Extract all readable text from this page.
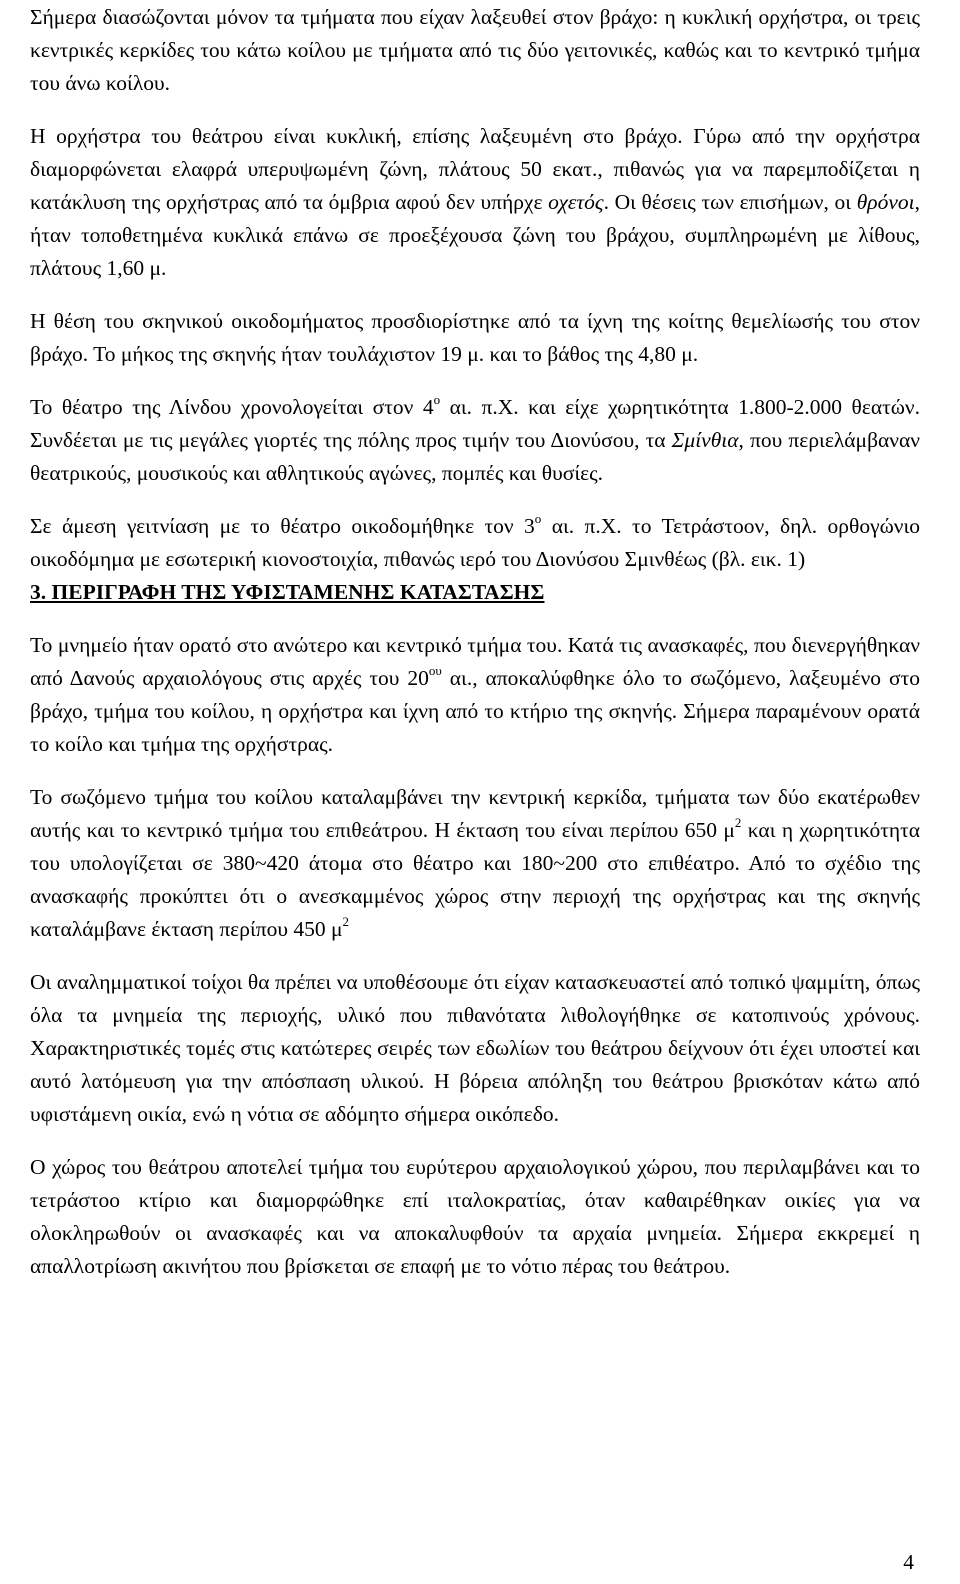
Σήμερα διασώζονται μόνον τα τμήματα που είχαν λαξευθεί στον βράχο: η κυκλική ορχήστρα, οι τρεις κεντρικές κερκίδες του κάτω κοίλου με τμήματα από τις δύο γειτονικές, καθώς και το κεντρικό τμήμα του άνω κοίλου.

Η ορχήστρα του θεάτρου είναι κυκλική, επίσης λαξευμένη στο βράχο. Γύρω από την ορχήστρα διαμορφώνεται ελαφρά υπερυψωμένη ζώνη, πλάτους 50 εκατ., πιθανώς για να παρεμποδίζεται η κατάκλυση της ορχήστρας από τα όμβρια αφού δεν υπήρχε οχετός. Οι θέσεις των επισήμων, οι θρόνοι, ήταν τοποθετημένα κυκλικά επάνω σε προεξέχουσα ζώνη του βράχου, συμπληρωμένη με λίθους, πλάτους 1,60 μ.

Η θέση του σκηνικού οικοδομήματος προσδιορίστηκε από τα ίχνη της κοίτης θεμελίωσής του στον βράχο. Το μήκος της σκηνής ήταν τουλάχιστον 19 μ. και το βάθος της 4,80 μ.

Το θέατρο της Λίνδου χρονολογείται στον $4^o$ αι. π.Χ. και είχε χωρητικότητα 1.800-2.000 θεατών. Συνδέεται με τις μεγάλες γιορτές της πόλης προς τιμήν του Διονύσου, τα Σμίνθια, που περιελάμβαναν θεατρικούς, μουσικούς και αθλητικούς αγώνες, πομπές και θυσίες.

Σε άμεση γειτνίαση με το θέατρο οικοδομήθηκε τον $3^o$ αι. π.Χ. το Τετράστοον, δηλ. ορθογώνιο οικοδόμημα με εσωτερική κιονοστοιχία, πιθανώς ιερό του Διονύσου Σμινθέως (βλ. εικ. 1)

3. ΠΕΡΙΓΡΑΦΗ ΤΗΣ ΥΦΙΣΤΑΜΕΝΗΣ ΚΑΤΑΣΤΑΣΗΣ

Το μνημείο ήταν ορατό στο ανώτερο και κεντρικό τμήμα του. Κατά τις ανασκαφές, που διενεργήθηκαν από Δανούς αρχαιολόγους στις αρχές του $20^{o\upsilon}$ αι., αποκαλύφθηκε όλο το σωζόμενο, λαξευμένο στο βράχο, τμήμα του κοίλου, η ορχήστρα και ίχνη από το κτήριο της σκηνής. Σήμερα παραμένουν ορατά το κοίλο και τμήμα της ορχήστρας.

Το σωζόμενο τμήμα του κοίλου καταλαμβάνει την κεντρική κερκίδα, τμήματα των δύο εκατέρωθεν αυτής και το κεντρικό τμήμα του επιθεάτρου. Η έκταση του είναι περίπου 650 $\mu^2$ και η χωρητικότητα του υπολογίζεται σε 380~420 άτομα στο θέατρο και 180~200 στο επιθέατρο. Από το σχέδιο της ανασκαφής προκύπτει ότι ο ανεσκαμμένος χώρος στην περιοχή της ορχήστρας και της σκηνής καταλάμβανε έκταση περίπου 450 $\mu^2$

Οι αναλημματικοί τοίχοι θα πρέπει να υποθέσουμε ότι είχαν κατασκευαστεί από τοπικό ψαμμίτη, όπως όλα τα μνημεία της περιοχής, υλικό που πιθανότατα λιθολογήθηκε σε κατοπινούς χρόνους. Χαρακτηριστικές τομές στις κατώτερες σειρές των εδωλίων του θεάτρου δείχνουν ότι έχει υποστεί και αυτό λατόμευση για την απόσπαση υλικού. Η βόρεια απόληξη του θεάτρου βρισκόταν κάτω από υφιστάμενη οικία, ενώ η νότια σε αδόμητο σήμερα οικόπεδο.

Ο χώρος του θεάτρου αποτελεί τμήμα του ευρύτερου αρχαιολογικού χώρου, που περιλαμβάνει και το τετράστοο κτίριο και διαμορφώθηκε επί ιταλοκρατίας, όταν καθαιρέθηκαν οικίες για να ολοκληρωθούν οι ανασκαφές και να αποκαλυφθούν τα αρχαία μνημεία. Σήμερα εκκρεμεί η απαλλοτρίωση ακινήτου που βρίσκεται σε επαφή με το νότιο πέρας του θεάτρου.

4
